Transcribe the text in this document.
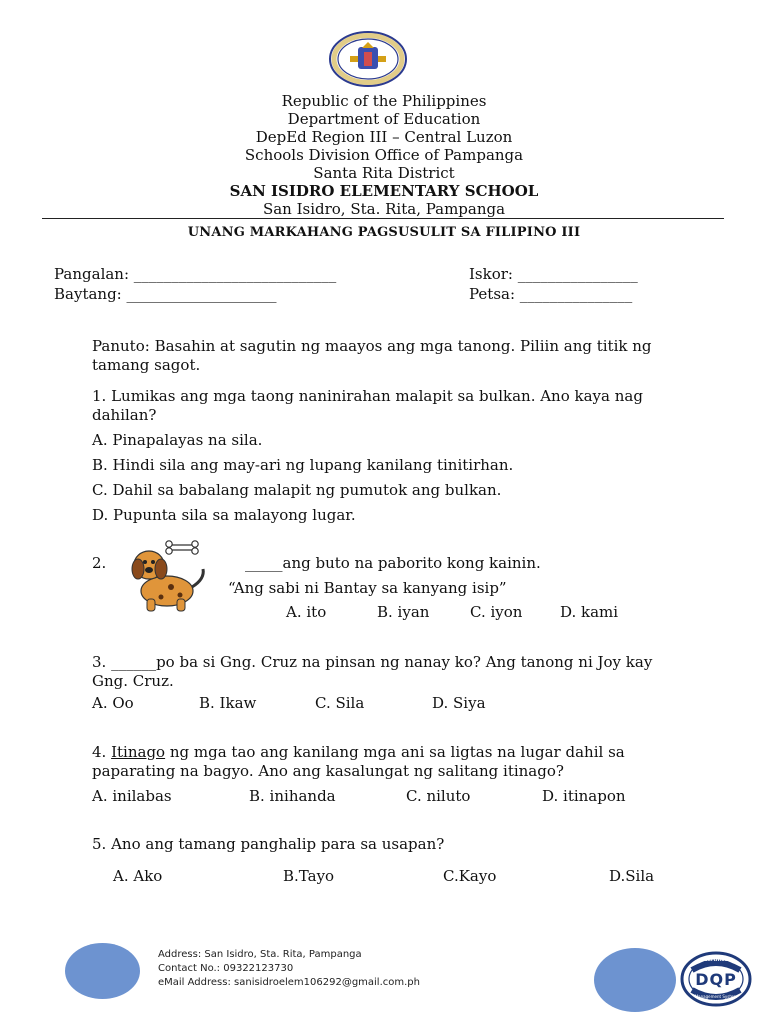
Republic of the Philippines
Department of Education
DepEd Region III – Central Luzon
Schools Division Office of Pampanga
Santa Rita District
SAN ISIDRO ELEMENTARY SCHOOL
San Isidro, Sta. Rita, Pampanga
UNANG MARKAHANG PAGSUSULIT SA FILIPINO III
Pangalan: ___________________________
Baytang: ____________________
Iskor: ________________
Petsa: _______________
Panuto: Basahin at sagutin ng maayos ang mga tanong. Piliin ang titik ng tamang sagot.
1. Lumikas ang mga taong naninirahan malapit sa bulkan. Ano kaya nag dahilan?
A. Pinapalayas na sila.
B. Hindi sila ang may-ari ng lupang kanilang tinitirhan.
C. Dahil sa babalang malapit ng pumutok ang bulkan.
D. Pupunta sila sa malayong lugar.
2.	_____ang buto na paborito kong kainin.
“Ang sabi ni Bantay sa kanyang isip”
A. ito	B. iyan	C. iyon	D. kami
3. ______po ba si Gng. Cruz na pinsan ng nanay ko? Ang tanong ni Joy kay Gng. Cruz.
A. Oo	B. Ikaw	C. Sila	D. Siya
4. Itinago ng mga tao ang kanilang mga ani sa ligtas na lugar dahil sa paparating na bagyo. Ano ang kasalungat ng salitang itinago?
A. inilabas	B. inihanda	C. niluto	D. itinapon
5. Ano ang tamang panghalip para sa usapan?
A. Ako	B.Tayo	C.Kayo	D.Sila
Address: San Isidro, Sta. Rita, Pampanga
Contact No.: 09322123730
eMail Address: sanisidroelem106292@gmail.com.ph
Certified
DQP
Management System
